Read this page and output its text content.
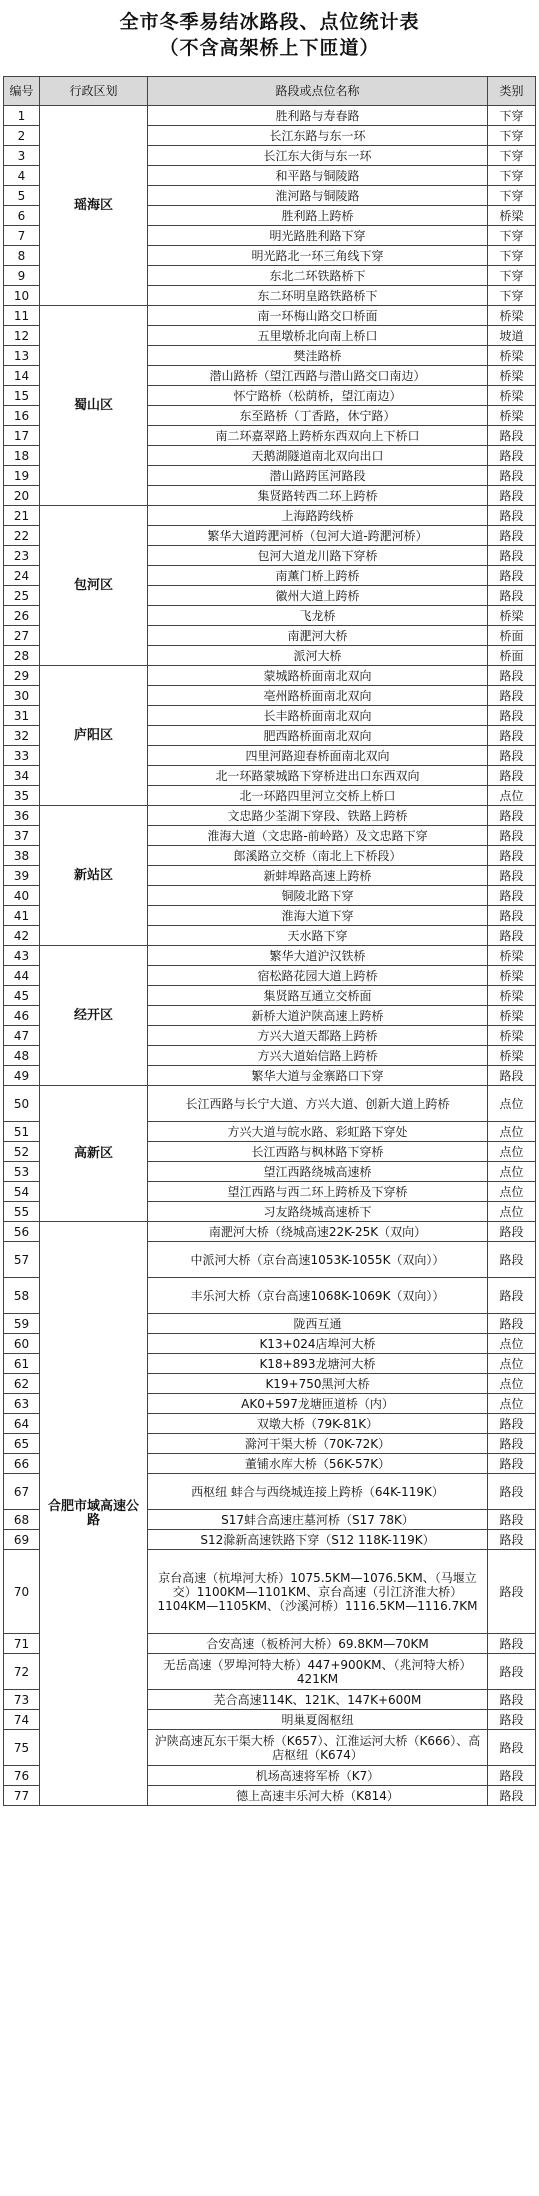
全市冬季易结冰路段、点位统计表
（不含高架桥上下匝道）
编号	行政区划	路段或点位名称	类别
1	瑶海区	胜利路与寿春路	下穿
2		长江东路与东一环	下穿
3		长江东大街与东一环	下穿
4		和平路与铜陵路	下穿
5		淮河路与铜陵路	下穿
6		胜利路上跨桥	桥梁
7		明光路胜利路下穿	下穿
8		明光路北一环三角线下穿	下穿
9		东北二环铁路桥下	下穿
10		东二环明皇路铁路桥下	下穿
11	蜀山区	南一环梅山路交口桥面	桥梁
12		五里墩桥北向南上桥口	坡道
13		樊洼路桥	桥梁
14		潜山路桥（望江西路与潜山路交口南边）	桥梁
15		怀宁路桥（松荫桥，望江南边）	桥梁
16		东至路桥（丁香路，休宁路）	桥梁
17		南二环嘉翠路上跨桥东西双向上下桥口	路段
18		天鹅湖隧道南北双向出口	路段
19		潜山路跨匡河路段	路段
20		集贤路转西二环上跨桥	路段
21	包河区	上海路跨线桥	路段
22		繁华大道跨淝河桥（包河大道-跨淝河桥）	路段
23		包河大道龙川路下穿桥	路段
24		南薰门桥上跨桥	路段
25		徽州大道上跨桥	路段
26		飞龙桥	桥梁
27		南淝河大桥	桥面
28		派河大桥	桥面
29	庐阳区	蒙城路桥面南北双向	路段
30		亳州路桥面南北双向	路段
31		长丰路桥面南北双向	路段
32		肥西路桥面南北双向	路段
33		四里河路迎春桥面南北双向	路段
34		北一环路蒙城路下穿桥进出口东西双向	路段
35		北一环路四里河立交桥上桥口	点位
36	新站区	文忠路少荃湖下穿段、铁路上跨桥	路段
37		淮海大道（文忠路-前岭路）及文忠路下穿	路段
38		郎溪路立交桥（南北上下桥段）	路段
39		新蚌埠路高速上跨桥	路段
40		铜陵北路下穿	路段
41		淮海大道下穿	路段
42		天水路下穿	路段
43	经开区	繁华大道沪汉铁桥	桥梁
44		宿松路花园大道上跨桥	桥梁
45		集贤路互通立交桥面	桥梁
46		新桥大道沪陕高速上跨桥	桥梁
47		方兴大道天都路上跨桥	桥梁
48		方兴大道始信路上跨桥	桥梁
49		繁华大道与金寨路口下穿	路段
50	高新区	长江西路与长宁大道、方兴大道、创新大道上跨桥	点位
51		方兴大道与皖水路、彩虹路下穿处	点位
52		长江西路与枫林路下穿桥	点位
53		望江西路绕城高速桥	点位
54		望江西路与西二环上跨桥及下穿桥	点位
55		习友路绕城高速桥下	点位
56	合肥市域高速公路	南淝河大桥（绕城高速22K-25K（双向）	路段
57		中派河大桥（京台高速1053K-1055K（双向））	路段
58		丰乐河大桥（京台高速1068K-1069K（双向））	路段
59		陇西互通	路段
60		K13+024店埠河大桥	点位
61		K18+893龙塘河大桥	点位
62		K19+750黑河大桥	点位
63		AK0+597龙塘匝道桥（内）	点位
64		双墩大桥（79K-81K）	路段
65		滁河干渠大桥（70K-72K）	路段
66		董铺水库大桥（56K-57K）	路段
67		西枢纽 蚌合与西绕城连接上跨桥（64K-119K）	路段
68		S17蚌合高速庄墓河桥（S17 78K）	路段
69		S12滁新高速铁路下穿（S12 118K-119K）	路段
70		京台高速（杭埠河大桥）1075.5KM—1076.5KM、（马堰立交）1100KM—1101KM、京台高速（引江济淮大桥）1104KM—1105KM、（沙溪河桥）1116.5KM—1116.7KM	路段
71		合安高速（板桥河大桥）69.8KM—70KM	路段
72		无岳高速（罗埠河特大桥）447+900KM、（兆河特大桥）421KM	路段
73		芜合高速114K、121K、147K+600M	路段
74		明巢夏阁枢纽	路段
75		沪陕高速瓦东干渠大桥（K657）、江淮运河大桥（K666）、高店枢纽（K674）	路段
76		机场高速将军桥（K7）	路段
77		德上高速丰乐河大桥（K814）	路段
